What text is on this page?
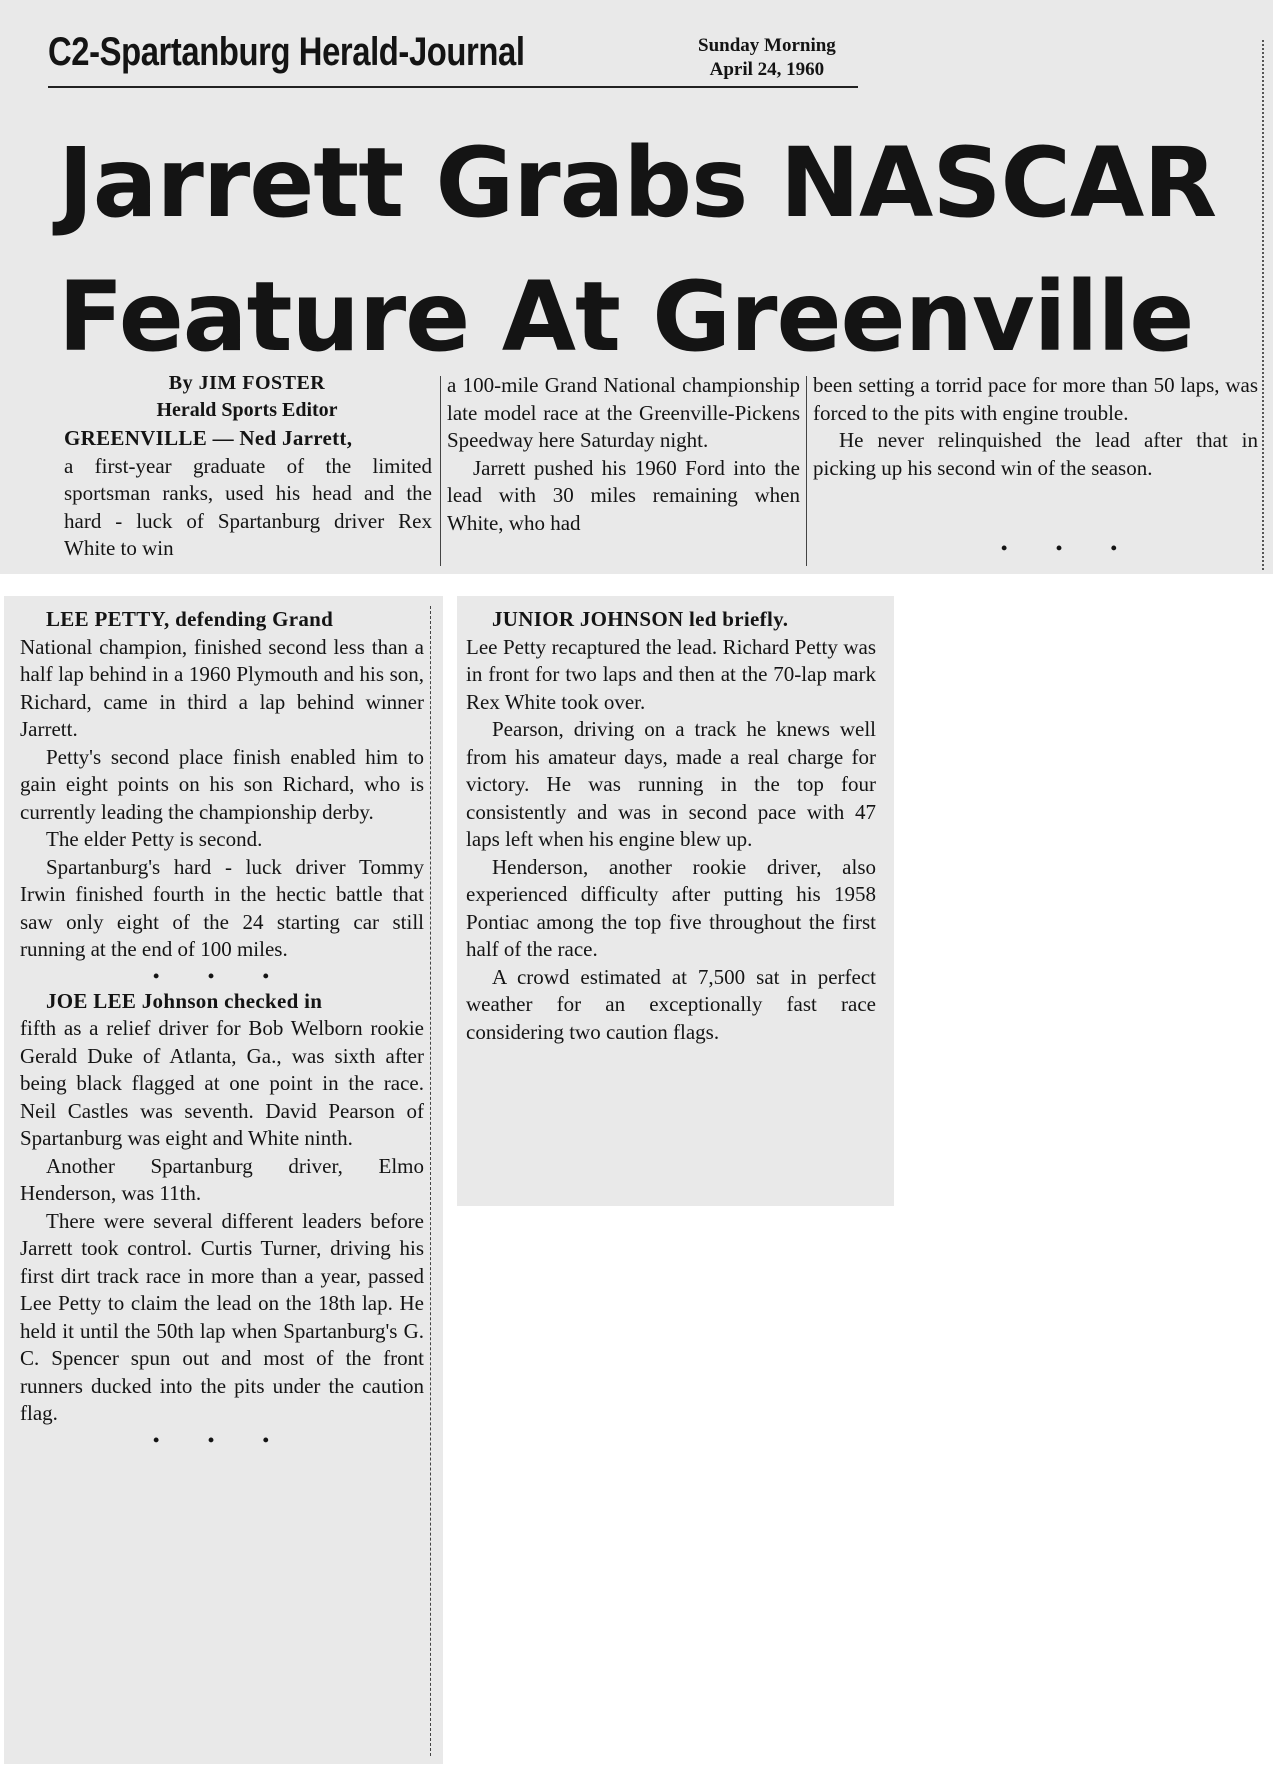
C2-Spartanburg Herald-Journal	Sunday Morning
April 24, 1960
Jarrett Grabs NASCAR
Feature At Greenville
By JIM FOSTER
Herald Sports Editor

GREENVILLE — Ned Jarrett,

a first-year graduate of the limited sportsman ranks, used his head and the hard - luck of Spartanburg driver Rex White to win

a 100-mile Grand National championship late model race at the Greenville-Pickens Speedway here Saturday night.

Jarrett pushed his 1960 Ford into the lead with 30 miles remaining when White, who had

been setting a torrid pace for more than 50 laps, was forced to the pits with engine trouble.

He never relinquished the lead after that in picking up his second win of the season.

• • •

LEE PETTY, defending Grand

National champion, finished second less than a half lap behind in a 1960 Plymouth and his son, Richard, came in third a lap behind winner Jarrett.

Petty's second place finish enabled him to gain eight points on his son Richard, who is currently leading the championship derby.

The elder Petty is second.

Spartanburg's hard - luck driver Tommy Irwin finished fourth in the hectic battle that saw only eight of the 24 starting car still running at the end of 100 miles.

• • •

JOE LEE Johnson checked in

fifth as a relief driver for Bob Welborn rookie Gerald Duke of Atlanta, Ga., was sixth after being black flagged at one point in the race. Neil Castles was seventh. David Pearson of Spartanburg was eight and White ninth.

Another Spartanburg driver, Elmo Henderson, was 11th.

There were several different leaders before Jarrett took control. Curtis Turner, driving his first dirt track race in more than a year, passed Lee Petty to claim the lead on the 18th lap. He held it until the 50th lap when Spartanburg's G. C. Spencer spun out and most of the front runners ducked into the pits under the caution flag.

• • •

JUNIOR JOHNSON led briefly.

Lee Petty recaptured the lead. Richard Petty was in front for two laps and then at the 70-lap mark Rex White took over.

Pearson, driving on a track he knews well from his amateur days, made a real charge for victory. He was running in the top four consistently and was in second pace with 47 laps left when his engine blew up.

Henderson, another rookie driver, also experienced difficulty after putting his 1958 Pontiac among the top five throughout the first half of the race.

A crowd estimated at 7,500 sat in perfect weather for an exceptionally fast race considering two caution flags.
